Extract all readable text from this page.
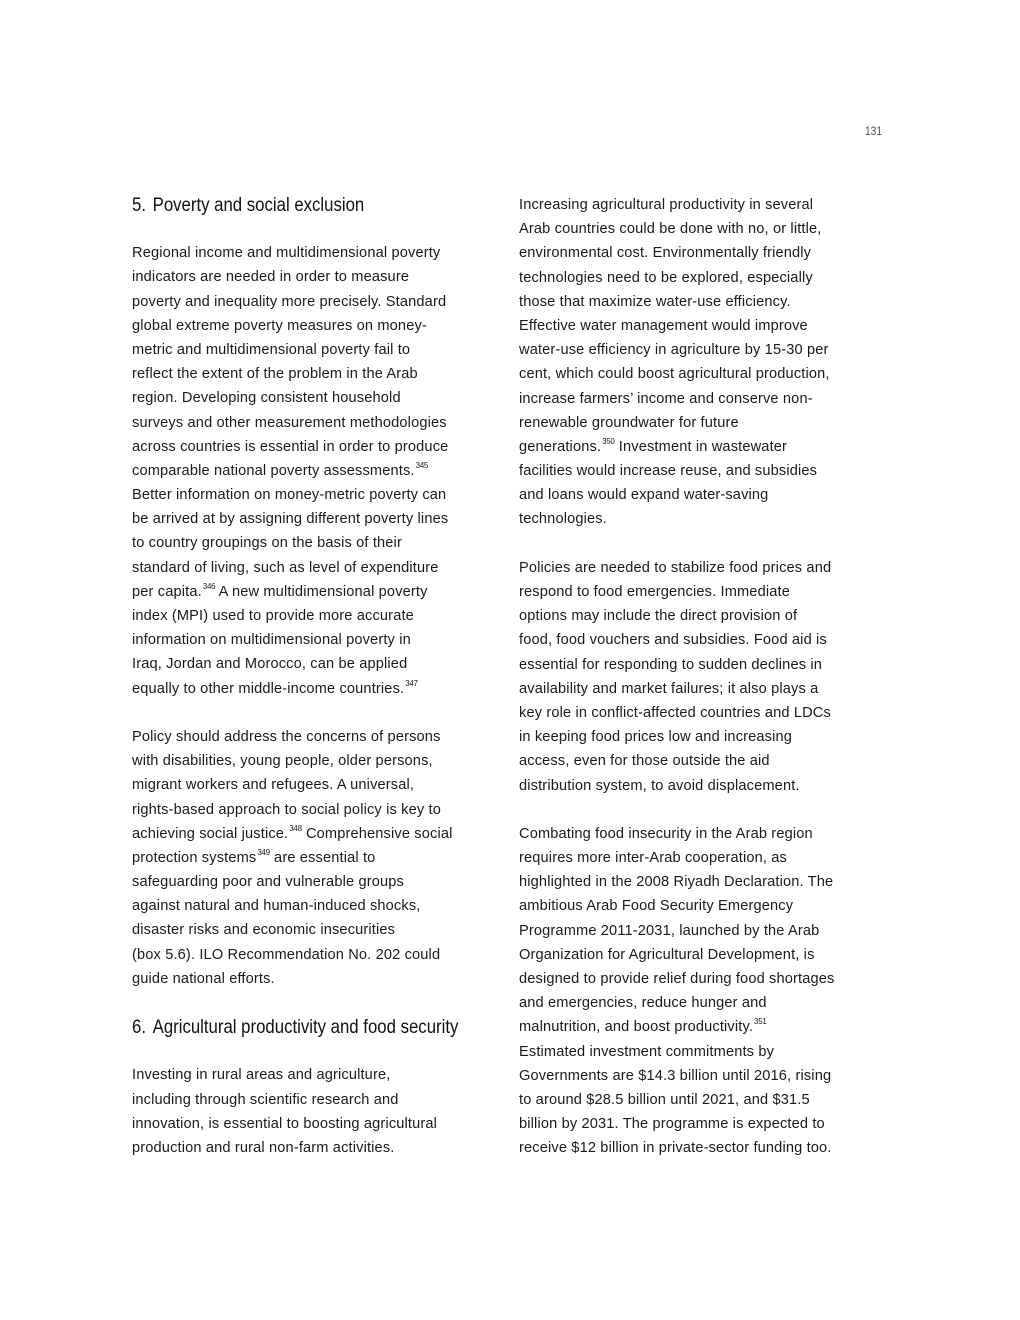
131
5. Poverty and social exclusion
Regional income and multidimensional poverty
indicators are needed in order to measure
poverty and inequality more precisely. Standard
global extreme poverty measures on money-
metric and multidimensional poverty fail to
reflect the extent of the problem in the Arab
region. Developing consistent household
surveys and other measurement methodologies
across countries is essential in order to produce
comparable national poverty assessments.$^{345}$
Better information on money-metric poverty can
be arrived at by assigning different poverty lines
to country groupings on the basis of their
standard of living, such as level of expenditure
per capita.$^{346}$ A new multidimensional poverty
index (MPI) used to provide more accurate
information on multidimensional poverty in
Iraq, Jordan and Morocco, can be applied
equally to other middle-income countries.$^{347}$
Policy should address the concerns of persons
with disabilities, young people, older persons,
migrant workers and refugees. A universal,
rights-based approach to social policy is key to
achieving social justice.$^{348}$ Comprehensive social
protection systems$^{349}$ are essential to
safeguarding poor and vulnerable groups
against natural and human-induced shocks,
disaster risks and economic insecurities
(box 5.6). ILO Recommendation No. 202 could
guide national efforts.
6. Agricultural productivity and food security
Investing in rural areas and agriculture,
including through scientific research and
innovation, is essential to boosting agricultural
production and rural non-farm activities.
Increasing agricultural productivity in several
Arab countries could be done with no, or little,
environmental cost. Environmentally friendly
technologies need to be explored, especially
those that maximize water-use efficiency.
Effective water management would improve
water-use efficiency in agriculture by 15-30 per
cent, which could boost agricultural production,
increase farmers’ income and conserve non-
renewable groundwater for future
generations.$^{350}$ Investment in wastewater
facilities would increase reuse, and subsidies
and loans would expand water-saving
technologies.
Policies are needed to stabilize food prices and
respond to food emergencies. Immediate
options may include the direct provision of
food, food vouchers and subsidies. Food aid is
essential for responding to sudden declines in
availability and market failures; it also plays a
key role in conflict-affected countries and LDCs
in keeping food prices low and increasing
access, even for those outside the aid
distribution system, to avoid displacement.
Combating food insecurity in the Arab region
requires more inter-Arab cooperation, as
highlighted in the 2008 Riyadh Declaration. The
ambitious Arab Food Security Emergency
Programme 2011-2031, launched by the Arab
Organization for Agricultural Development, is
designed to provide relief during food shortages
and emergencies, reduce hunger and
malnutrition, and boost productivity.$^{351}$
Estimated investment commitments by
Governments are $14.3 billion until 2016, rising
to around $28.5 billion until 2021, and $31.5
billion by 2031. The programme is expected to
receive $12 billion in private-sector funding too.
